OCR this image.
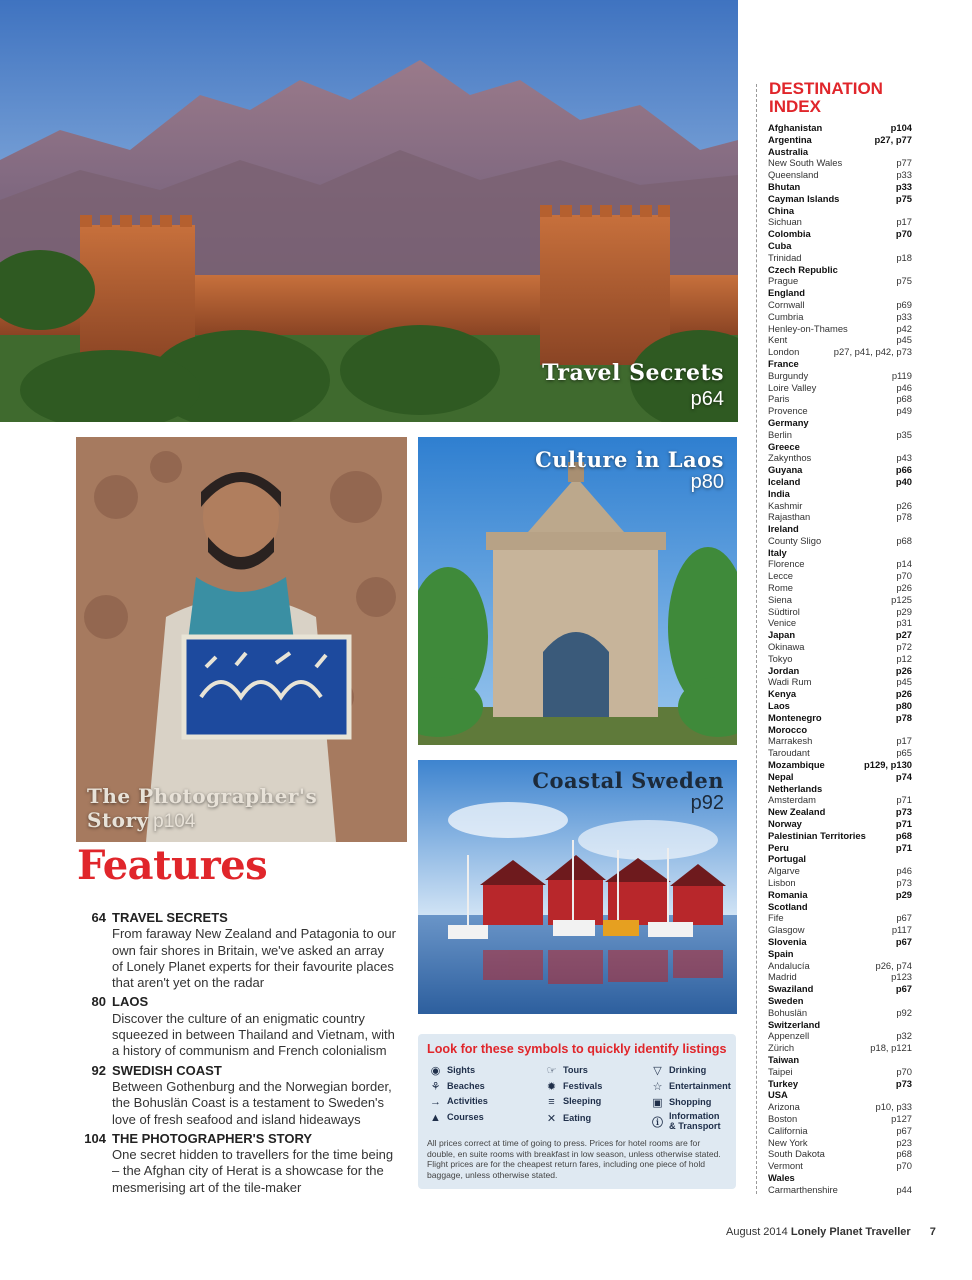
Travel Secrets
p64
The Photographer's
Story p104
Culture in Laos
p80
Coastal Sweden
p92
Features
64 TRAVEL SECRETS
From faraway New Zealand and Patagonia to our own fair shores in Britain, we've asked an array of Lonely Planet experts for their favourite places that aren't yet on the radar
80 LAOS
Discover the culture of an enigmatic country squeezed in between Thailand and Vietnam, with a history of communism and French colonialism
92 SWEDISH COAST
Between Gothenburg and the Norwegian border, the Bohuslän Coast is a testament to Sweden's love of fresh seafood and island hideaways
104 THE PHOTOGRAPHER'S STORY
One secret hidden to travellers for the time being – the Afghan city of Herat is a showcase for the mesmerising art of the tile-maker
Look for these symbols to quickly identify listings
◉ Sights
⚘ Beaches
→ Activities
▲ Courses
☞ Tours
✹ Festivals
≡ Sleeping
✕ Eating
▽ Drinking
☆ Entertainment
▣ Shopping
ⓘ
Information
& Transport
All prices correct at time of going to press. Prices for hotel rooms are for double, en suite rooms with breakfast in low season, unless otherwise stated. Flight prices are for the cheapest return fares, including one piece of hold baggage, unless otherwise stated.
DESTINATION INDEX
Afghanistan	p104
Argentina	p27, p77
Australia
New South Wales	p77
Queensland	p33
Bhutan	p33
Cayman Islands	p75
China
Sichuan	p17
Colombia	p70
Cuba
Trinidad	p18
Czech Republic
Prague	p75
England
Cornwall	p69
Cumbria	p33
Henley-on-Thames	p42
Kent	p45
London	p27, p41, p42, p73
France
Burgundy	p119
Loire Valley	p46
Paris	p68
Provence	p49
Germany
Berlin	p35
Greece
Zakynthos	p43
Guyana	p66
Iceland	p40
India
Kashmir	p26
Rajasthan	p78
Ireland
County Sligo	p68
Italy
Florence	p14
Lecce	p70
Rome	p26
Siena	p125
Südtirol	p29
Venice	p31
Japan	p27
Okinawa	p72
Tokyo	p12
Jordan	p26
Wadi Rum	p45
Kenya	p26
Laos	p80
Montenegro	p78
Morocco
Marrakesh	p17
Taroudant	p65
Mozambique	p129, p130
Nepal	p74
Netherlands
Amsterdam	p71
New Zealand	p73
Norway	p71
Palestinian Territories	p68
Peru	p71
Portugal
Algarve	p46
Lisbon	p73
Romania	p29
Scotland
Fife	p67
Glasgow	p117
Slovenia	p67
Spain
Andalucía	p26, p74
Madrid	p123
Swaziland	p67
Sweden
Bohuslän	p92
Switzerland
Appenzell	p32
Zürich	p18, p121
Taiwan
Taipei	p70
Turkey	p73
USA
Arizona	p10, p33
Boston	p127
California	p67
New York	p23
South Dakota	p68
Vermont	p70
Wales
Carmarthenshire	p44
August 2014 Lonely Planet Traveller 7
